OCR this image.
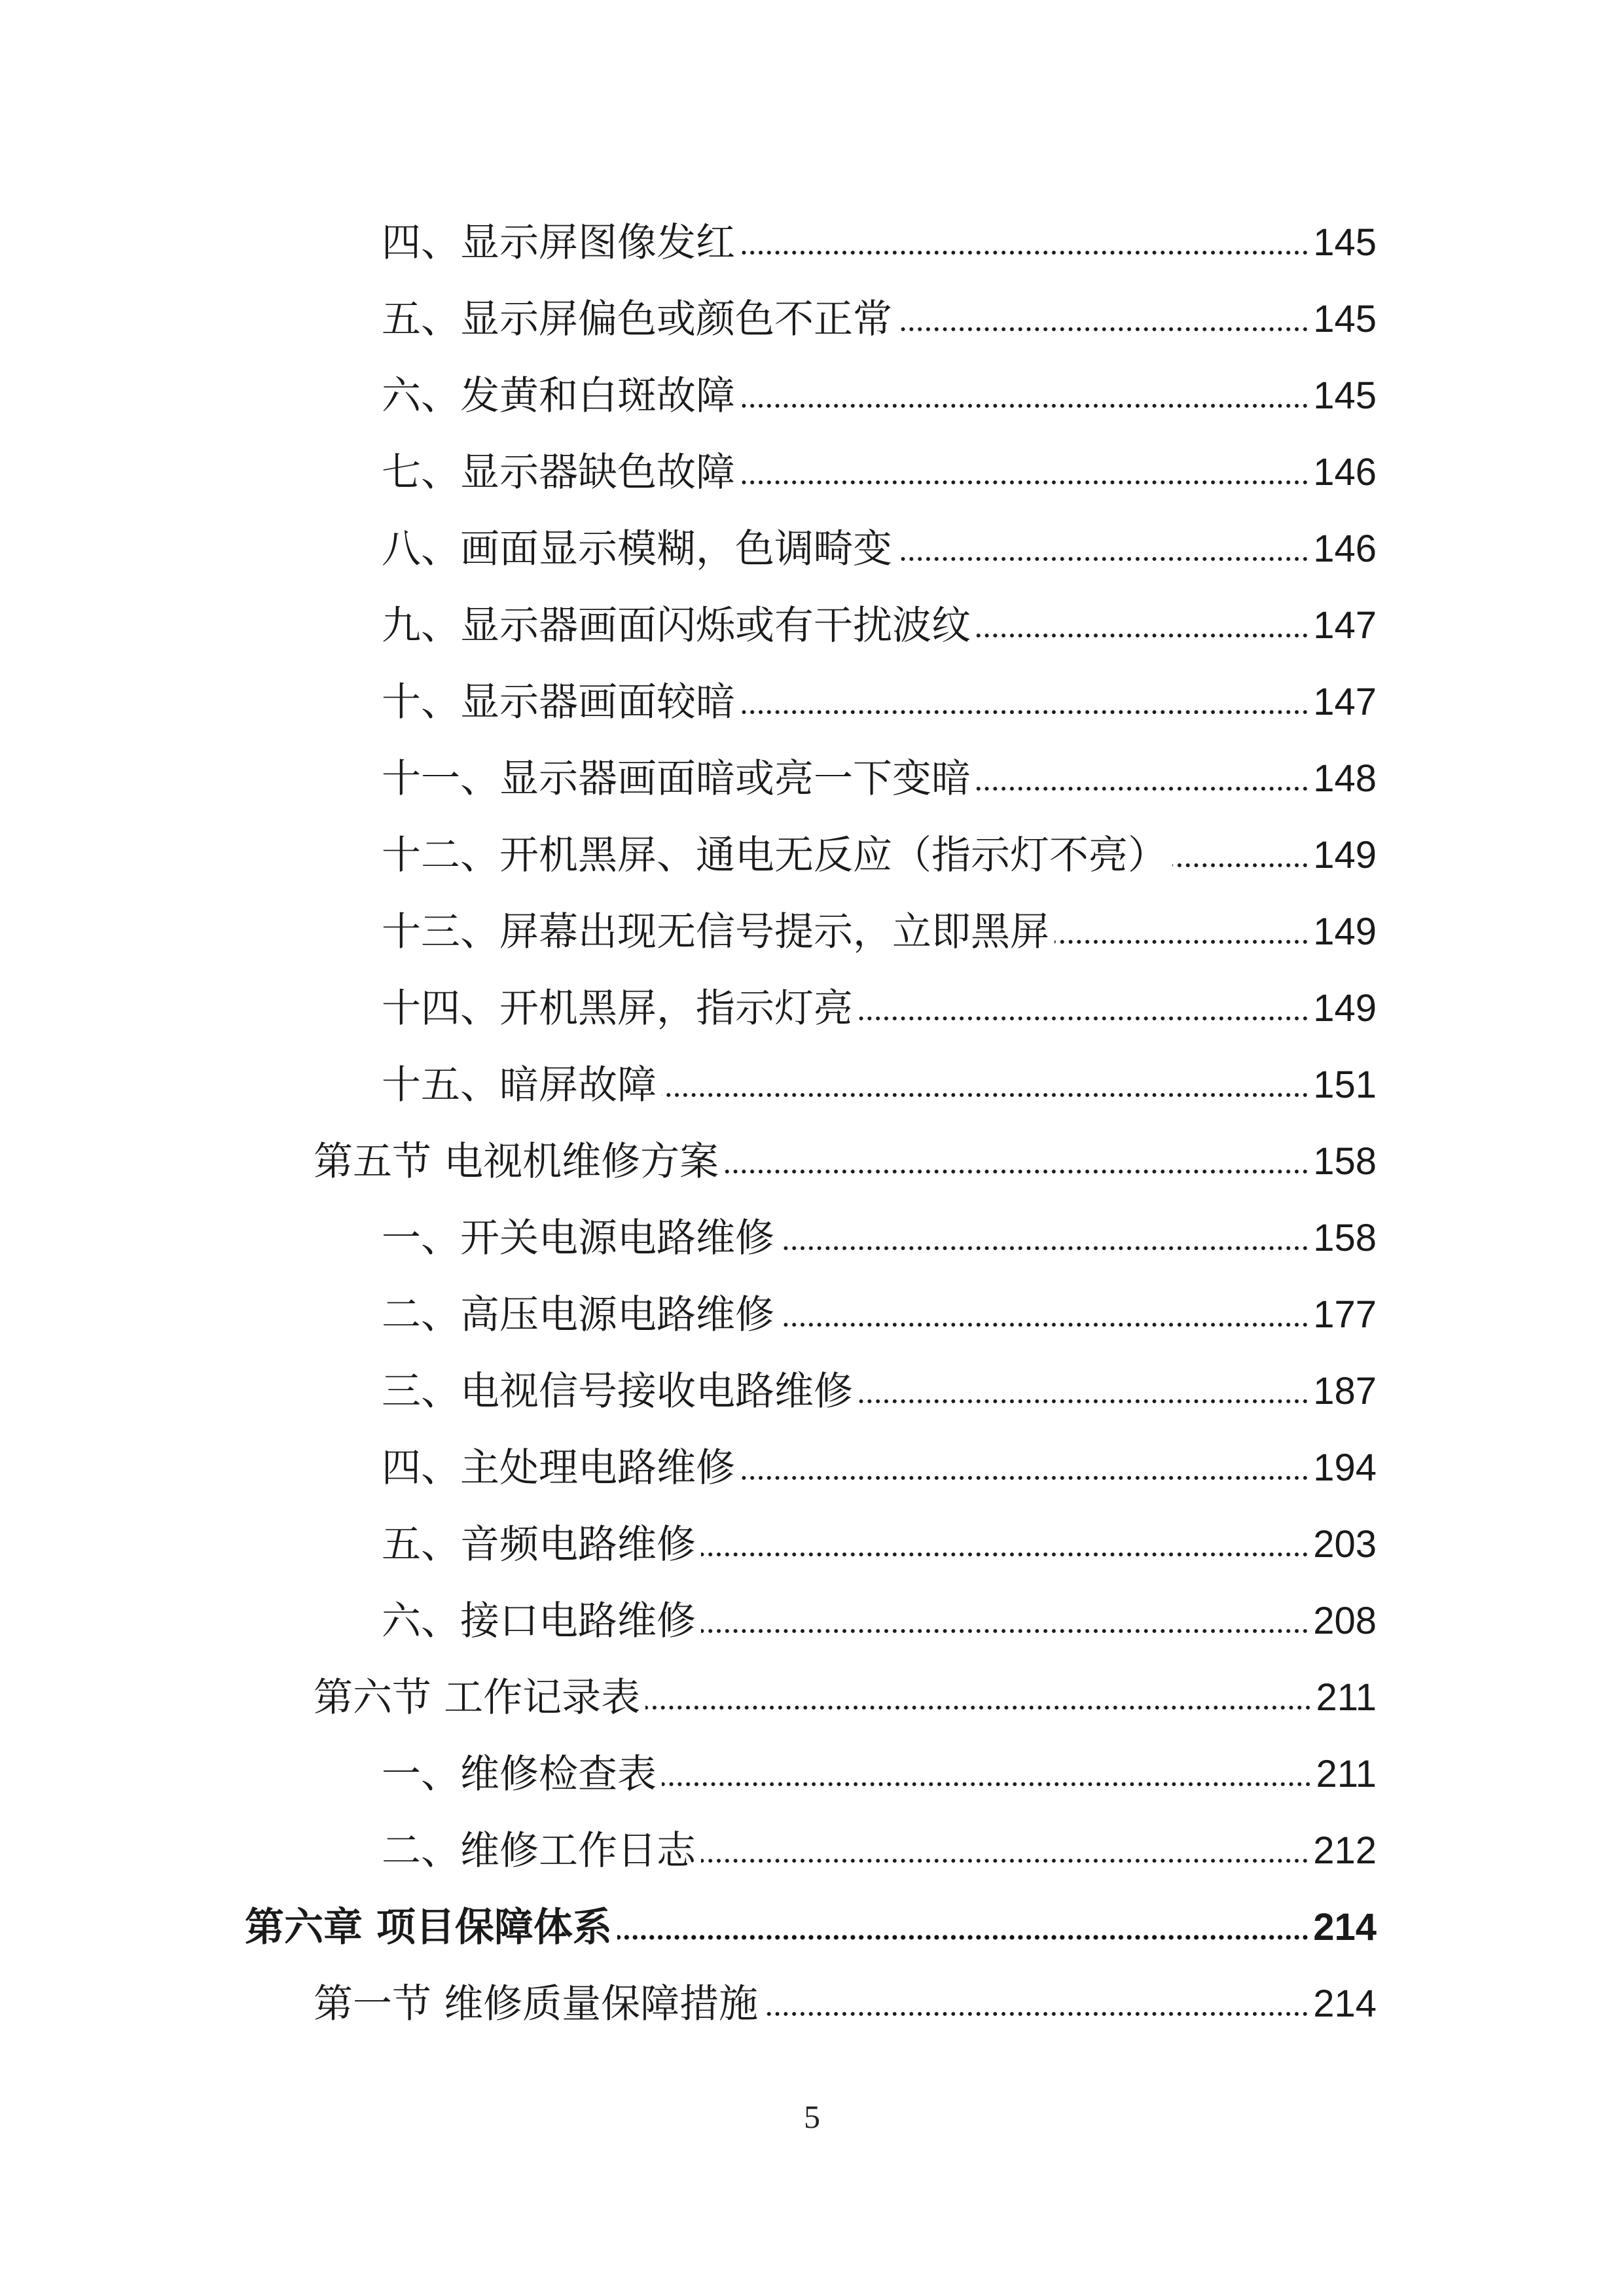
四、显示屏图像发红	145
五、显示屏偏色或颜色不正常	145
六、发黄和白斑故障	145
七、显示器缺色故障	146
八、画面显示模糊，色调畸变	146
九、显示器画面闪烁或有干扰波纹	147
十、显示器画面较暗	147
十一、显示器画面暗或亮一下变暗	148
十二、开机黑屏、通电无反应（指示灯不亮）	149
十三、屏幕出现无信号提示，立即黑屏	149
十四、开机黑屏，指示灯亮	149
十五、暗屏故障	151
第五节 电视机维修方案	158
一、开关电源电路维修	158
二、高压电源电路维修	177
三、电视信号接收电路维修	187
四、主处理电路维修	194
五、音频电路维修	203
六、接口电路维修	208
第六节 工作记录表	211
一、维修检查表	211
二、维修工作日志	212
第六章 项目保障体系	214
第一节 维修质量保障措施	214
5
